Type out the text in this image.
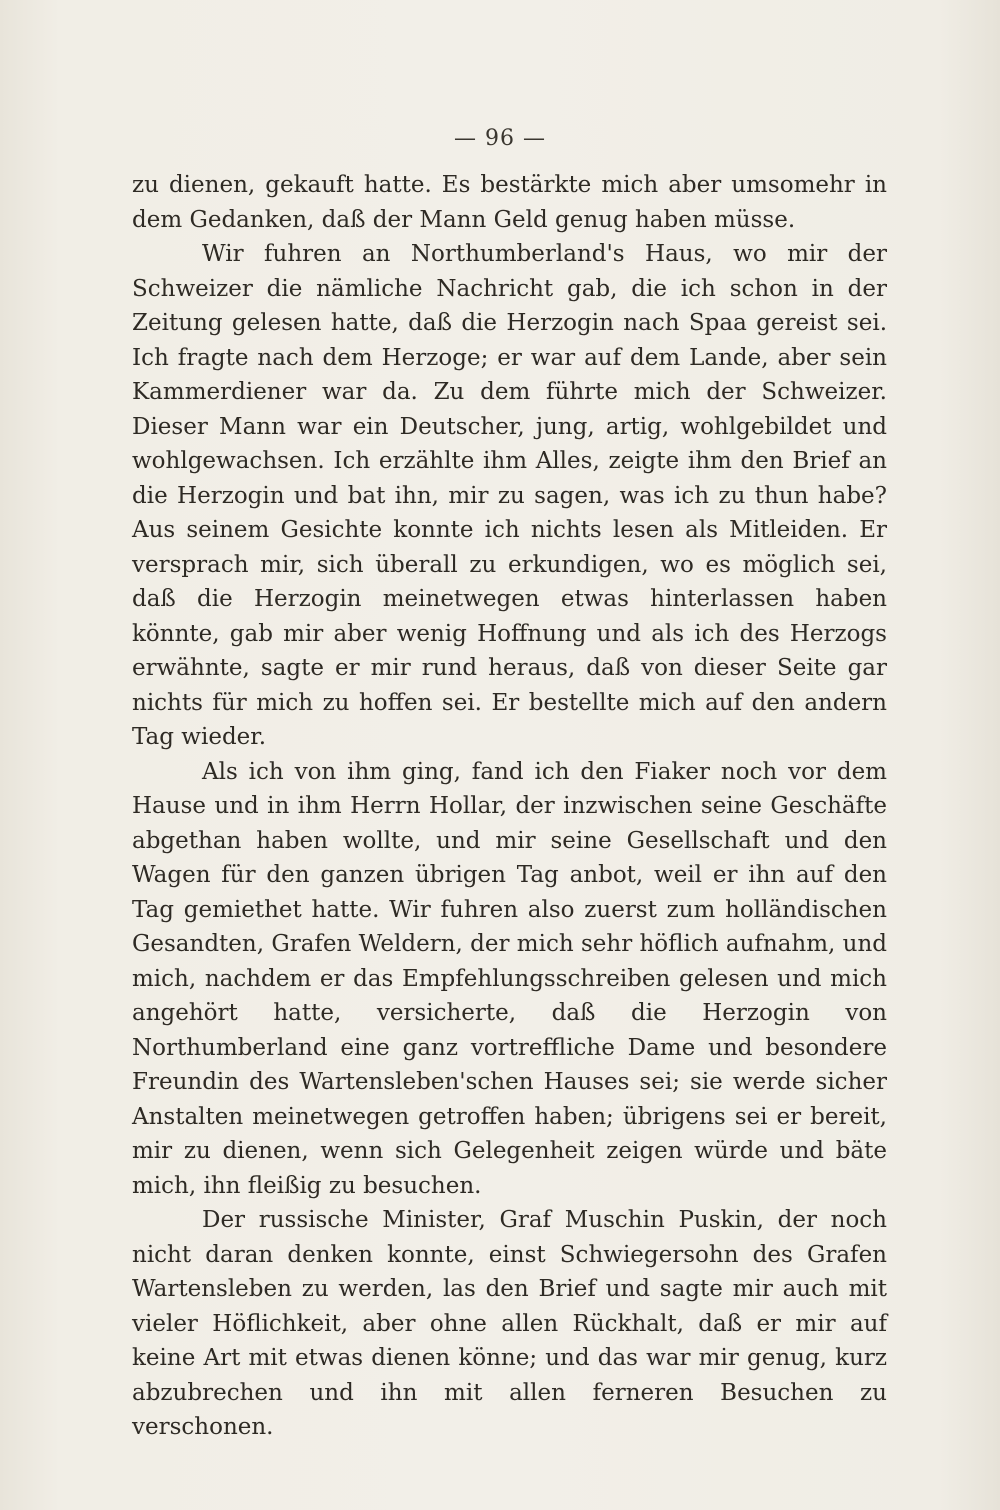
— 96 —

zu dienen, gekauft hatte. Es bestärkte mich aber umsomehr in dem Gedanken, daß der Mann Geld genug haben müsse.

Wir fuhren an Northumberland's Haus, wo mir der Schweizer die nämliche Nachricht gab, die ich schon in der Zeitung gelesen hatte, daß die Herzogin nach Spaa gereist sei. Ich fragte nach dem Herzoge; er war auf dem Lande, aber sein Kammerdiener war da. Zu dem führte mich der Schweizer. Dieser Mann war ein Deutscher, jung, artig, wohlgebildet und wohlgewachsen. Ich erzählte ihm Alles, zeigte ihm den Brief an die Herzogin und bat ihn, mir zu sagen, was ich zu thun habe? Aus seinem Gesichte konnte ich nichts lesen als Mitleiden. Er versprach mir, sich überall zu erkundigen, wo es möglich sei, daß die Herzogin meinetwegen etwas hinterlassen haben könnte, gab mir aber wenig Hoffnung und als ich des Herzogs erwähnte, sagte er mir rund heraus, daß von dieser Seite gar nichts für mich zu hoffen sei. Er bestellte mich auf den andern Tag wieder.

Als ich von ihm ging, fand ich den Fiaker noch vor dem Hause und in ihm Herrn Hollar, der inzwischen seine Geschäfte abgethan haben wollte, und mir seine Gesellschaft und den Wagen für den ganzen übrigen Tag anbot, weil er ihn auf den Tag gemiethet hatte. Wir fuhren also zuerst zum holländischen Gesandten, Grafen Weldern, der mich sehr höflich aufnahm, und mich, nachdem er das Empfehlungsschreiben gelesen und mich angehört hatte, versicherte, daß die Herzogin von Northumberland eine ganz vortreffliche Dame und besondere Freundin des Wartensleben'schen Hauses sei; sie werde sicher Anstalten meinetwegen getroffen haben; übrigens sei er bereit, mir zu dienen, wenn sich Gelegenheit zeigen würde und bäte mich, ihn fleißig zu besuchen.

Der russische Minister, Graf Muschin Puskin, der noch nicht daran denken konnte, einst Schwiegersohn des Grafen Wartensleben zu werden, las den Brief und sagte mir auch mit vieler Höflichkeit, aber ohne allen Rückhalt, daß er mir auf keine Art mit etwas dienen könne; und das war mir genug, kurz abzubrechen und ihn mit allen ferneren Besuchen zu verschonen.
